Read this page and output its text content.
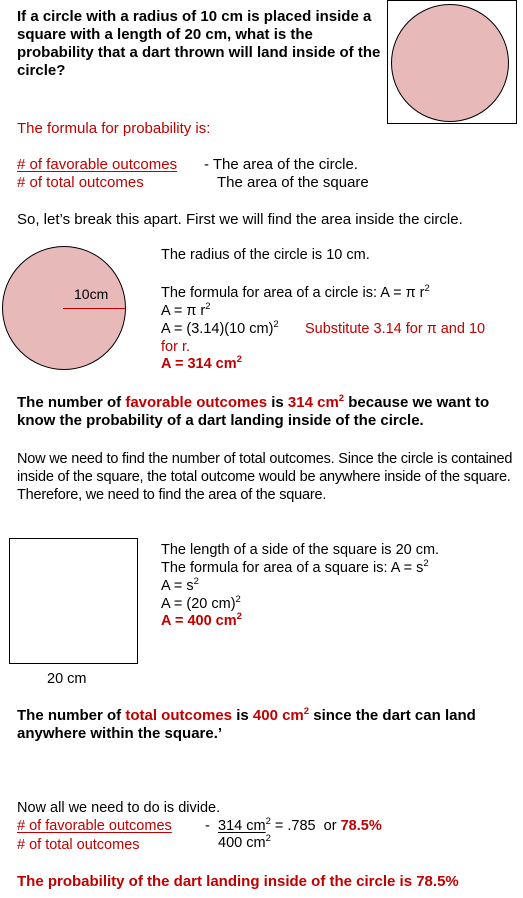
If a circle with a radius of 10 cm is placed inside a square with a length of 20 cm, what is the probability that a dart thrown will land inside of the circle?
The formula for probability is:
# of favorable outcomes - The area of the circle.
# of total outcomes	The area of the square
So, let’s break this apart. First we will find the area inside the circle.
10cm
The radius of the circle is 10 cm.
The formula for area of a circle is: A = π $r^2$
A = π $r^2$
A = (3.14)(10 cm)$^2$ Substitute 3.14 for π and 10
for r.
A = 314 $cm^2$
The number of favorable outcomes is 314 $cm^2$ because we want to know the probability of a dart landing inside of the circle.
Now we need to find the number of total outcomes. Since the circle is contained inside of the square, the total outcome would be anywhere inside of the square. Therefore, we need to find the area of the square.
20 cm
The length of a side of the square is 20 cm.
The formula for area of a square is: $A = s^2$
$A = s^2$
A = (20 cm)$^2$
A = 400 $cm^2$
The number of total outcomes is 400 $cm^2$ since the dart can land anywhere within the square.’
Now all we need to do is divide.
# of favorable outcomes - 314 $cm^2 = .785$  or 78.5%
# of total outcomes	400 $cm^2$
The probability of the dart landing inside of the circle is 78.5%
